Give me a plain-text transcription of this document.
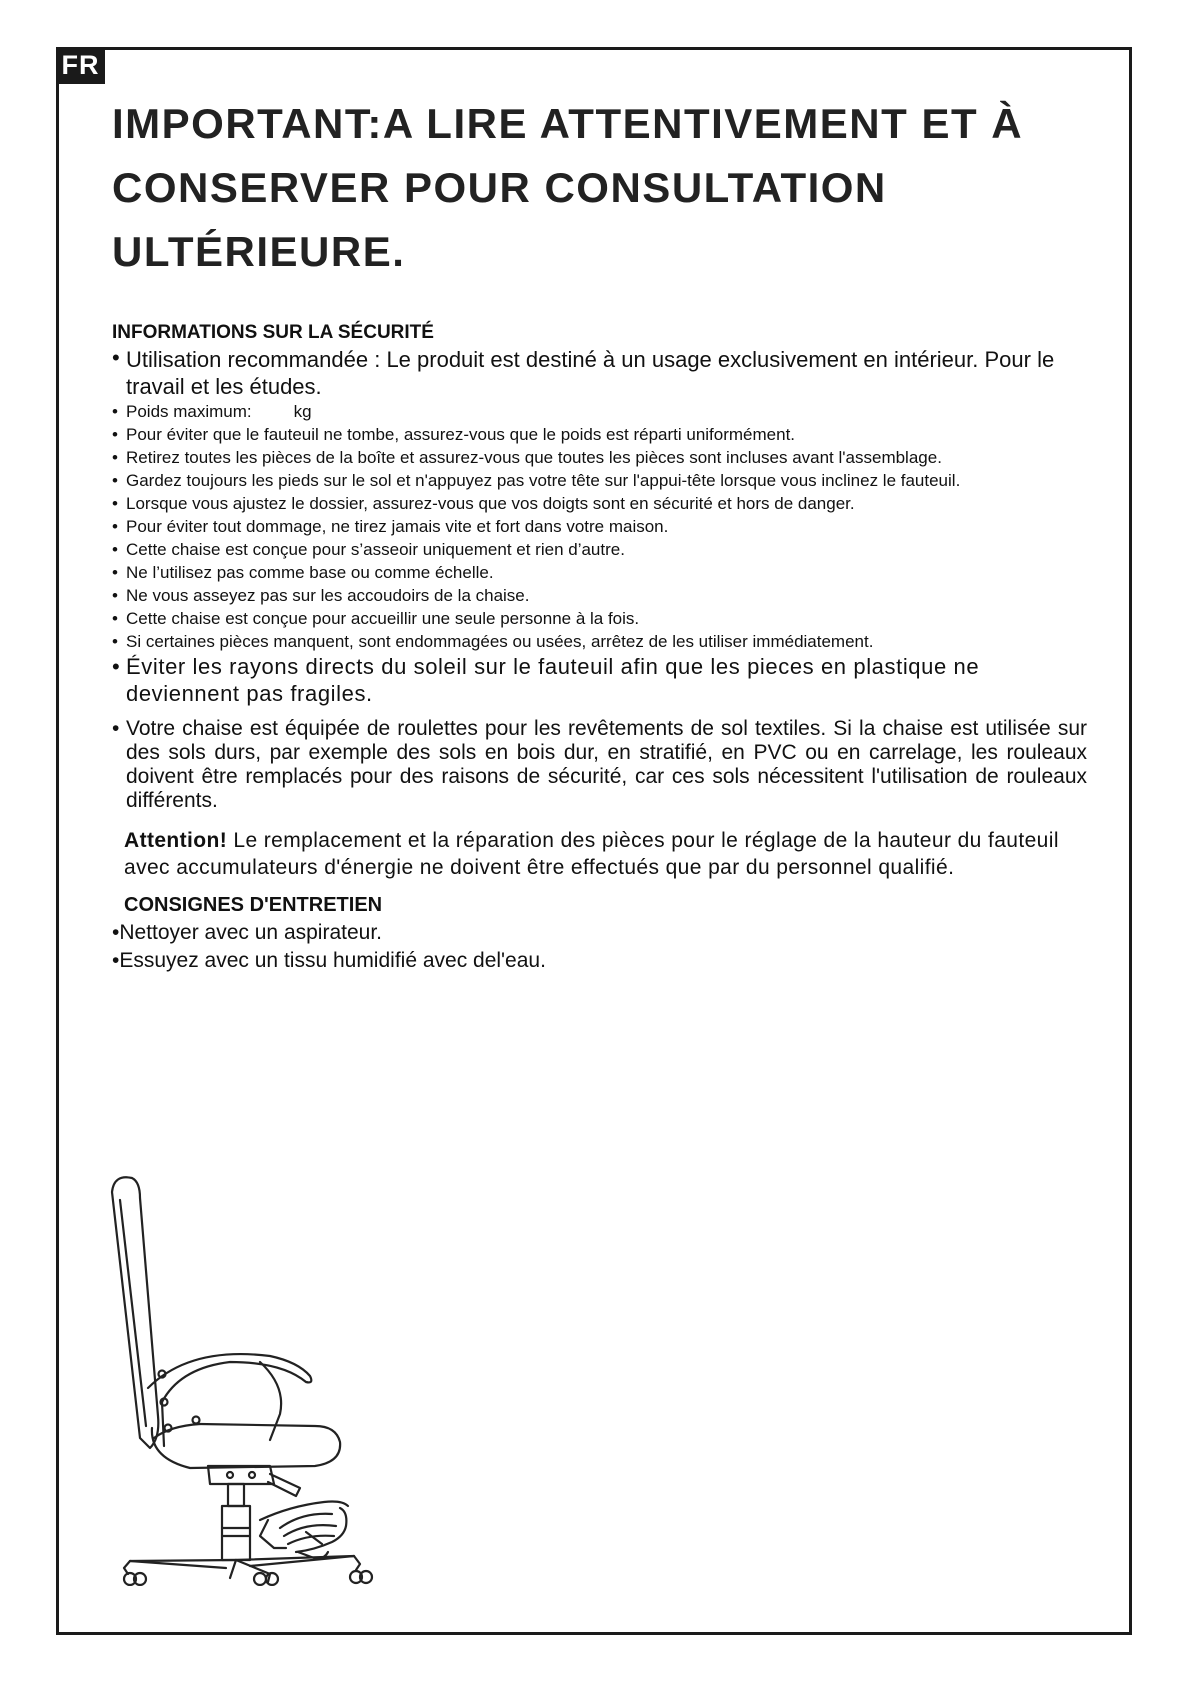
FR
IMPORTANT:A LIRE ATTENTIVEMENT ET À CONSERVER POUR CONSULTATION ULTÉRIEURE.
INFORMATIONS SUR LA SÉCURITÉ

• Utilisation recommandée : Le produit est destiné à un usage exclusivement en intérieur. Pour le travail et les études.

• Poids maximum: kg

• Pour éviter que le fauteuil ne tombe, assurez-vous que le poids est réparti uniformément.

• Retirez toutes les pièces de la boîte et assurez-vous que toutes les pièces sont incluses avant l'assemblage.

• Gardez toujours les pieds sur le sol et n'appuyez pas votre tête sur l'appui-tête lorsque vous inclinez le fauteuil.

• Lorsque vous ajustez le dossier, assurez-vous que vos doigts sont en sécurité et hors de danger.

• Pour éviter tout dommage, ne tirez jamais vite et fort dans votre maison.

• Cette chaise est conçue pour s’asseoir uniquement et rien d’autre.

• Ne l’utilisez pas comme base ou comme échelle.

• Ne vous asseyez pas sur les accoudoirs de la chaise.

• Cette chaise est conçue pour accueillir une seule personne à la fois.

• Si certaines pièces manquent, sont endommagées ou usées, arrêtez de les utiliser immédiatement.

• Éviter les rayons directs du soleil sur le fauteuil afin que les pieces en plastique ne deviennent pas fragiles.

• Votre chaise est équipée de roulettes pour les revêtements de sol textiles. Si la chaise est utilisée sur des sols durs, par exemple des sols en bois dur, en stratifié, en PVC ou en carrelage, les rouleaux doivent être remplacés pour des raisons de sécurité, car ces sols nécessitent l'utilisation de rouleaux différents.

Attention! Le remplacement et la réparation des pièces pour le réglage de la hauteur du fauteuil avec accumulateurs d'énergie ne doivent être effectués que par du personnel qualifié.

CONSIGNES D'ENTRETIEN

•Nettoyer avec un aspirateur.

•Essuyez avec un tissu humidifié avec del'eau.
